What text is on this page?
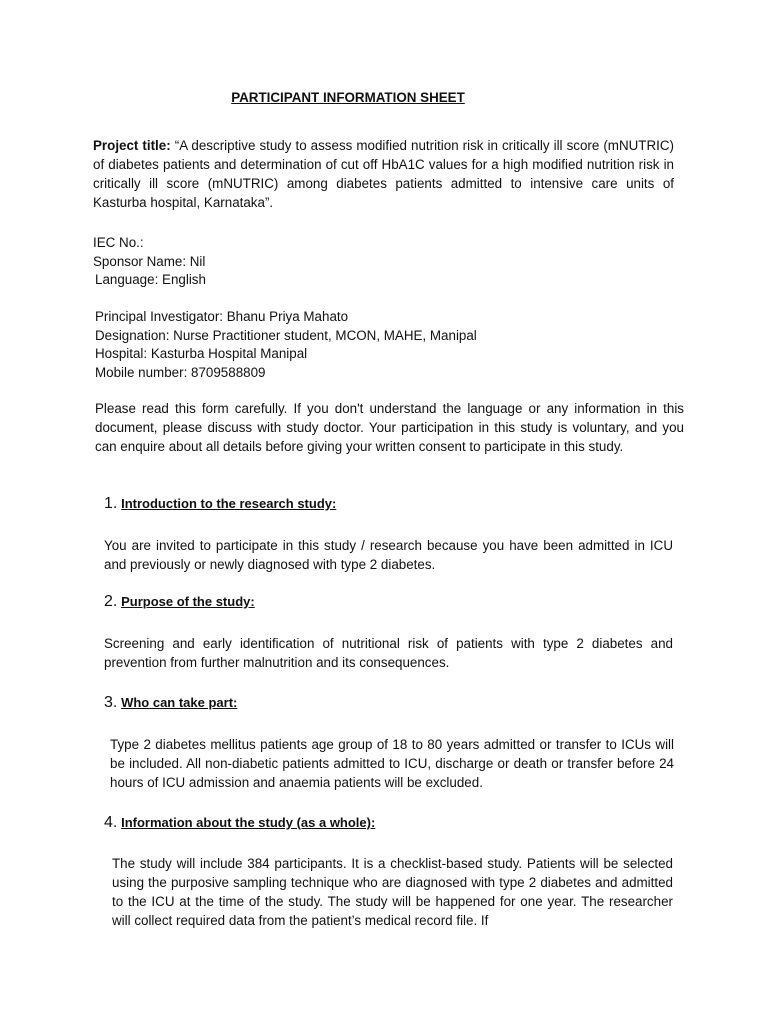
PARTICIPANT INFORMATION SHEET
Project title: “A descriptive study to assess modified nutrition risk in critically ill score (mNUTRIC) of diabetes patients and determination of cut off HbA1C values for a high modified nutrition risk in critically ill score (mNUTRIC) among diabetes patients admitted to intensive care units of Kasturba hospital, Karnataka”.
IEC No.:
Sponsor Name: Nil
Language: English
Principal Investigator: Bhanu Priya Mahato
Designation: Nurse Practitioner student, MCON, MAHE, Manipal
Hospital: Kasturba Hospital Manipal
Mobile number: 8709588809
Please read this form carefully. If you don't understand the language or any information in this document, please discuss with study doctor. Your participation in this study is voluntary, and you can enquire about all details before giving your written consent to participate in this study.
1. Introduction to the research study:
You are invited to participate in this study / research because you have been admitted in ICU and previously or newly diagnosed with type 2 diabetes.
2. Purpose of the study:
Screening and early identification of nutritional risk of patients with type 2 diabetes and prevention from further malnutrition and its consequences.
3. Who can take part:
Type 2 diabetes mellitus patients age group of 18 to 80 years admitted or transfer to ICUs will be included. All non-diabetic patients admitted to ICU, discharge or death or transfer before 24 hours of ICU admission and anaemia patients will be excluded.
4. Information about the study (as a whole):
The study will include 384 participants. It is a checklist-based study. Patients will be selected using the purposive sampling technique who are diagnosed with type 2 diabetes and admitted to the ICU at the time of the study. The study will be happened for one year. The researcher will collect required data from the patient’s medical record file. If
